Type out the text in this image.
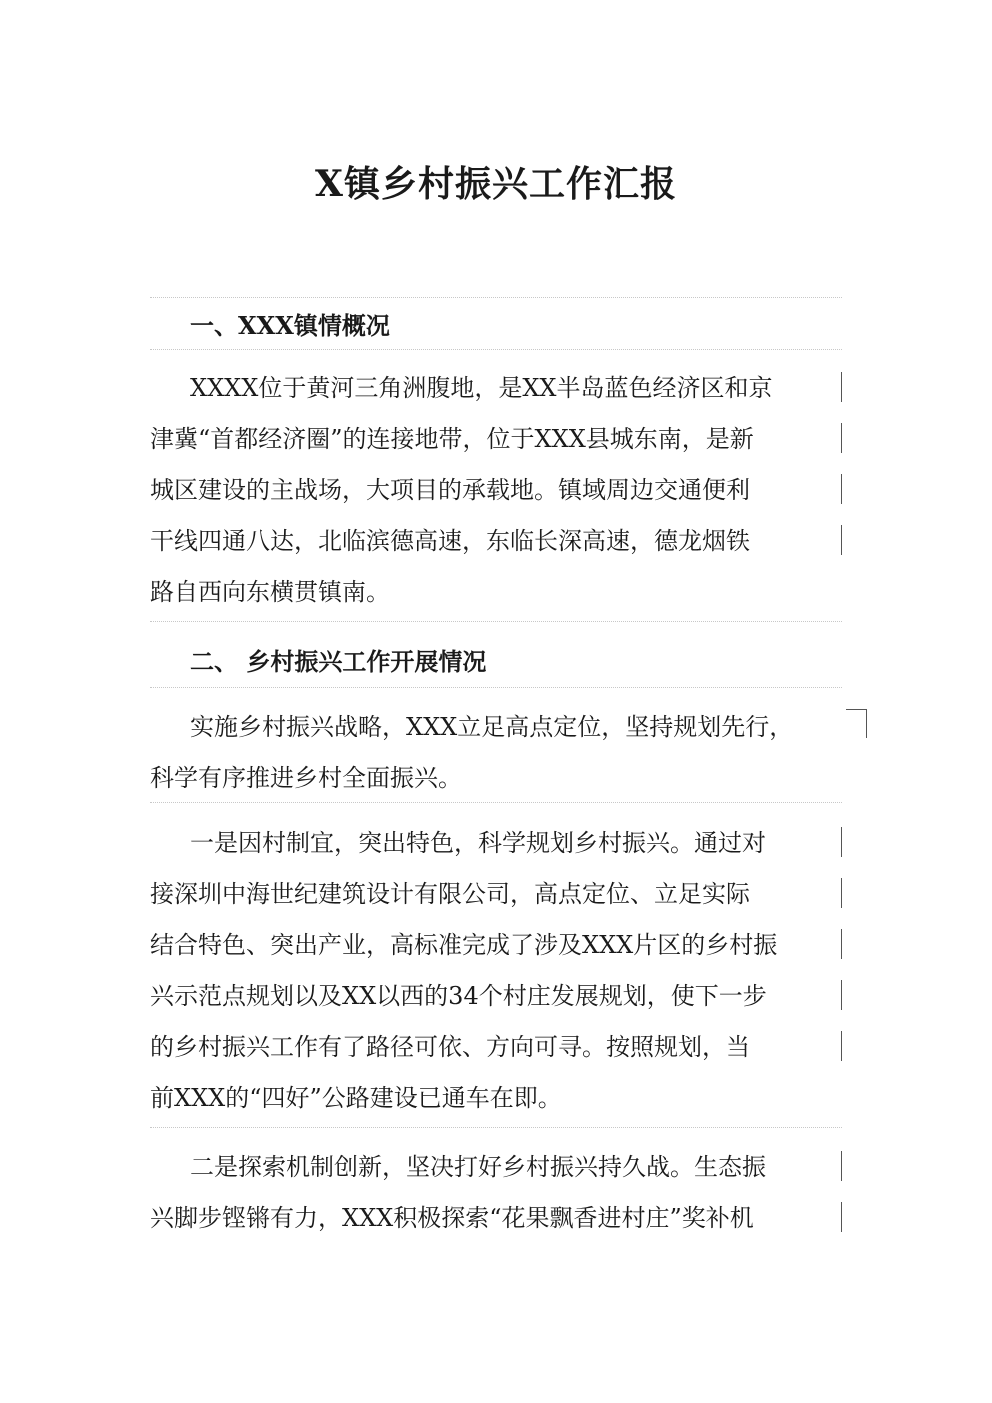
X镇乡村振兴工作汇报
一、XXX镇情概况

XXXX位于黄河三角洲腹地，是XX半岛蓝色经济区和京
津冀“首都经济圈”的连接地带，位于XXX县城东南，是新
城区建设的主战场，大项目的承载地。镇域周边交通便利
干线四通八达，北临滨德高速，东临长深高速，德龙烟铁
路自西向东横贯镇南。

二、 乡村振兴工作开展情况

实施乡村振兴战略，XXX立足高点定位，坚持规划先行，
科学有序推进乡村全面振兴。

一是因村制宜，突出特色，科学规划乡村振兴。通过对
接深圳中海世纪建筑设计有限公司，高点定位、立足实际
结合特色、突出产业，高标准完成了涉及XXX片区的乡村振
兴示范点规划以及XX以西的34个村庄发展规划，使下一步
的乡村振兴工作有了路径可依、方向可寻。按照规划，当
前XXX的“四好”公路建设已通车在即。

二是探索机制创新，坚决打好乡村振兴持久战。生态振
兴脚步铿锵有力，XXX积极探索“花果飘香进村庄”奖补机
